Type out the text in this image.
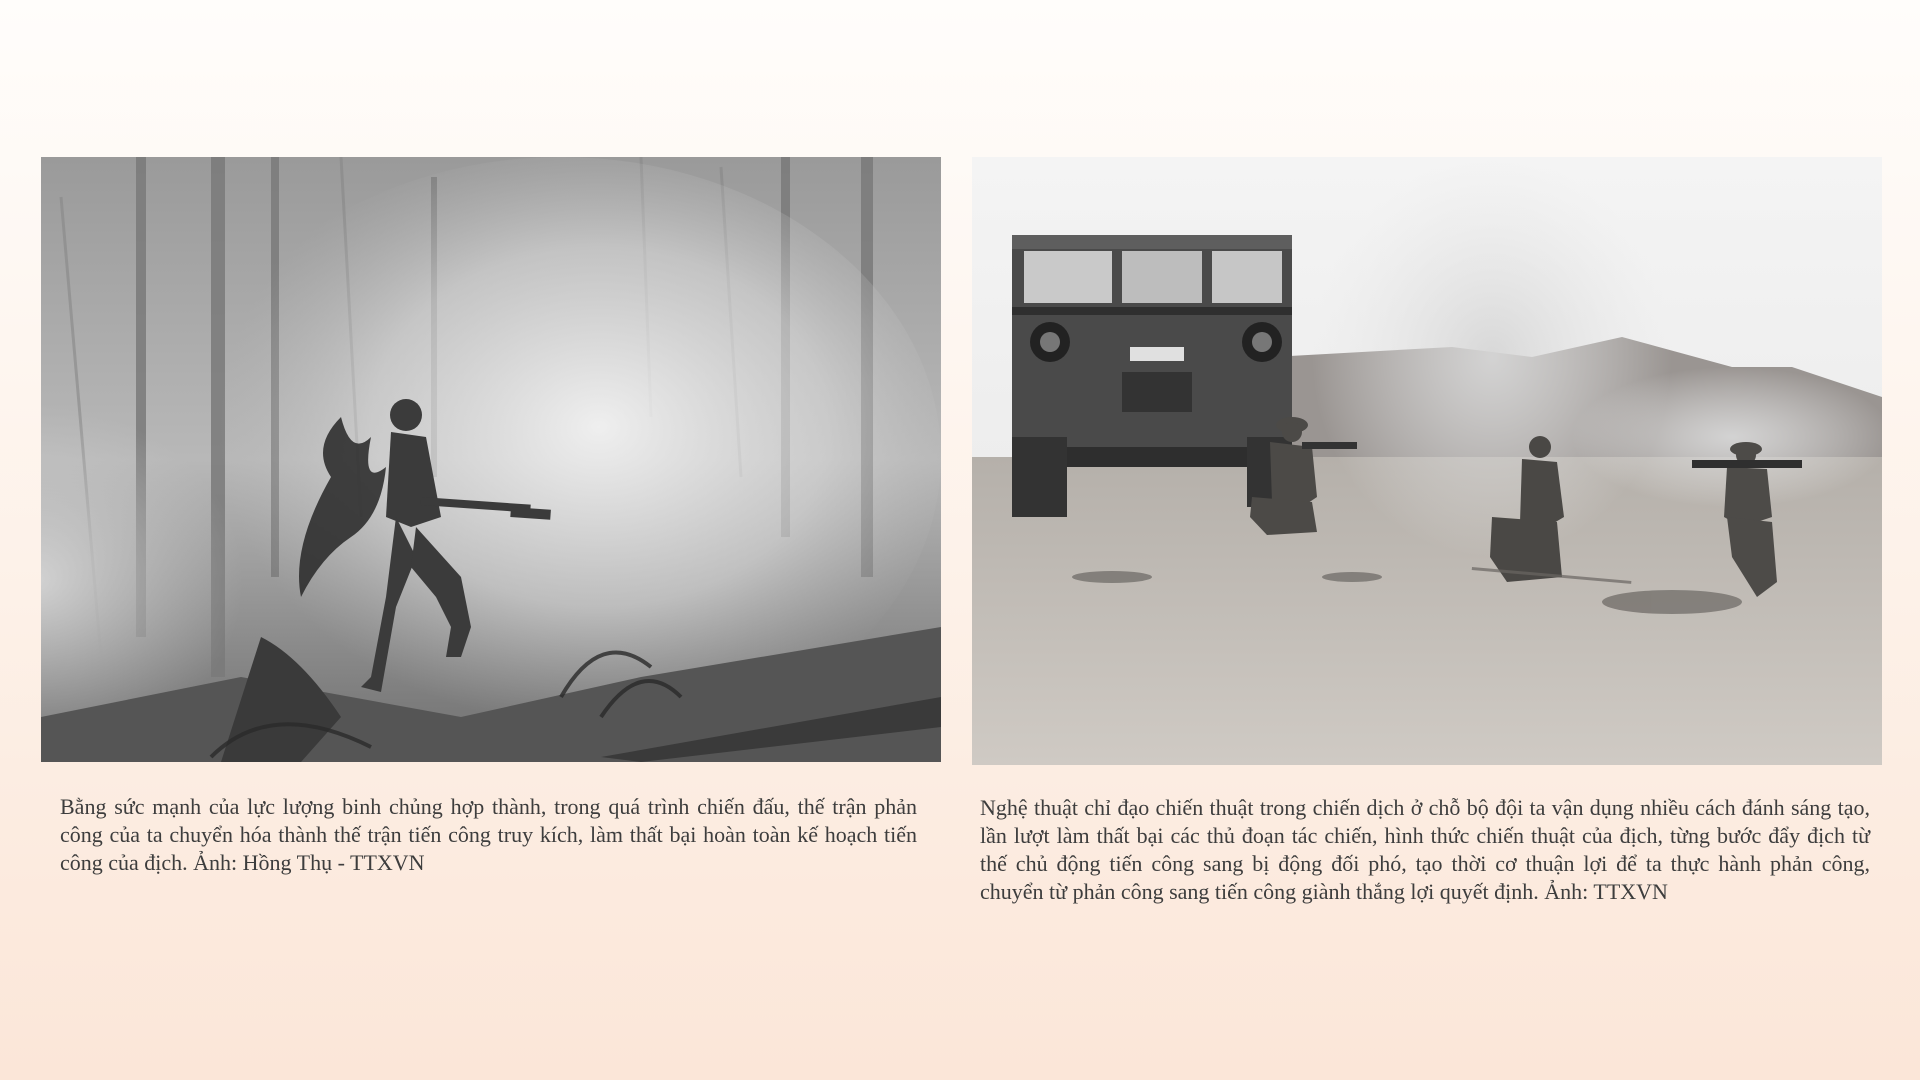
Bằng sức mạnh của lực lượng binh chủng hợp thành, trong quá trình chiến đấu, thế trận phản công của ta chuyển hóa thành thế trận tiến công truy kích, làm thất bại hoàn toàn kế hoạch tiến công của địch. Ảnh: Hồng Thụ - TTXVN

Nghệ thuật chỉ đạo chiến thuật trong chiến dịch ở chỗ bộ đội ta vận dụng nhiều cách đánh sáng tạo, lần lượt làm thất bại các thủ đoạn tác chiến, hình thức chiến thuật của địch, từng bước đẩy địch từ thế chủ động tiến công sang bị động đối phó, tạo thời cơ thuận lợi để ta thực hành phản công, chuyển từ phản công sang tiến công giành thắng lợi quyết định. Ảnh: TTXVN
